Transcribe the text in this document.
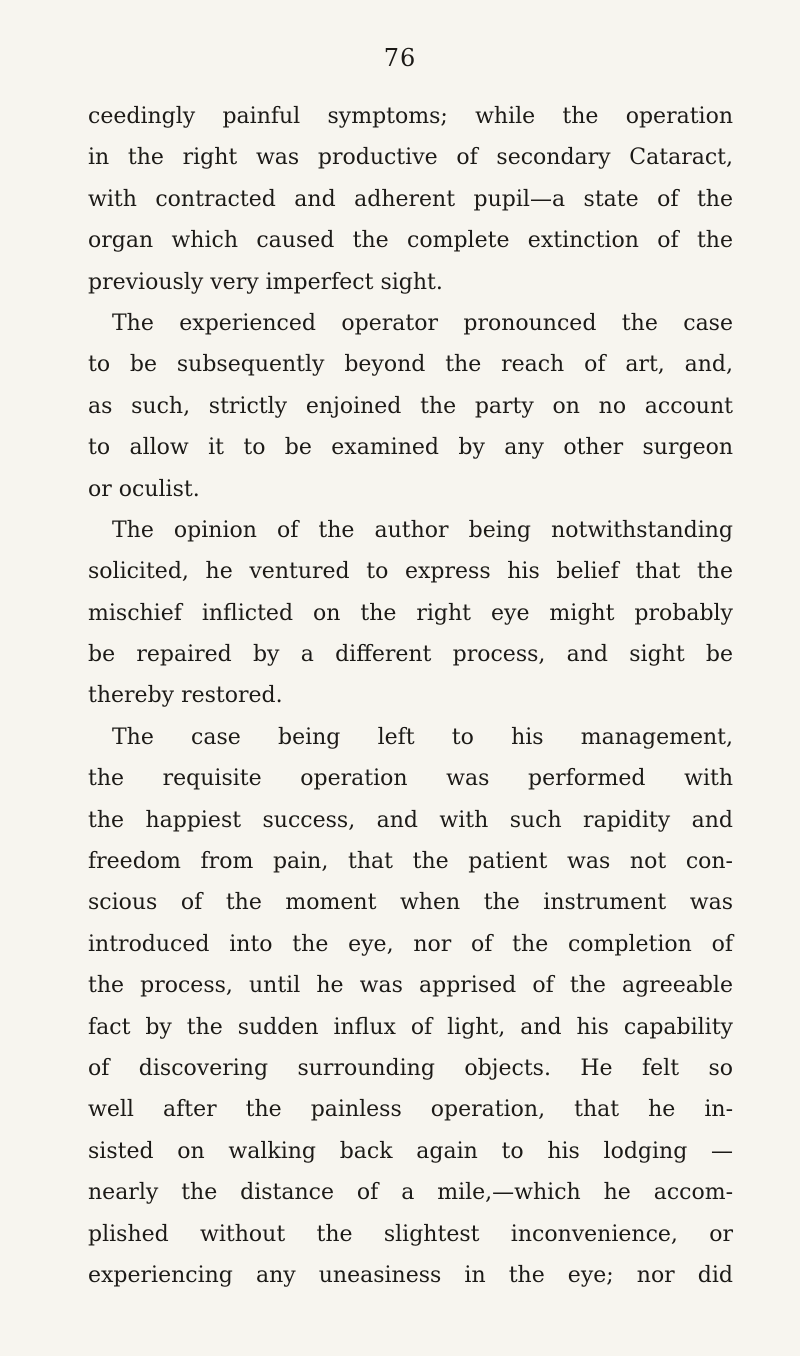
76
ceedingly painful symptoms; while the operation
in the right was productive of secondary Cataract,
with contracted and adherent pupil—a state of the
organ which caused the complete extinction of the
previously very imperfect sight.
The experienced operator pronounced the case
to be subsequently beyond the reach of art, and,
as such, strictly enjoined the party on no account
to allow it to be examined by any other surgeon
or oculist.
The opinion of the author being notwithstanding
solicited, he ventured to express his belief that the
mischief inflicted on the right eye might probably
be repaired by a different process, and sight be
thereby restored.
The case being left to his management,
the requisite operation was performed with
the happiest success, and with such rapidity and
freedom from pain, that the patient was not con-
scious of the moment when the instrument was
introduced into the eye, nor of the completion of
the process, until he was apprised of the agreeable
fact by the sudden influx of light, and his capability
of discovering surrounding objects. He felt so
well after the painless operation, that he in-
sisted on walking back again to his lodging —
nearly the distance of a mile,—which he accom-
plished without the slightest inconvenience, or
experiencing any uneasiness in the eye; nor did
